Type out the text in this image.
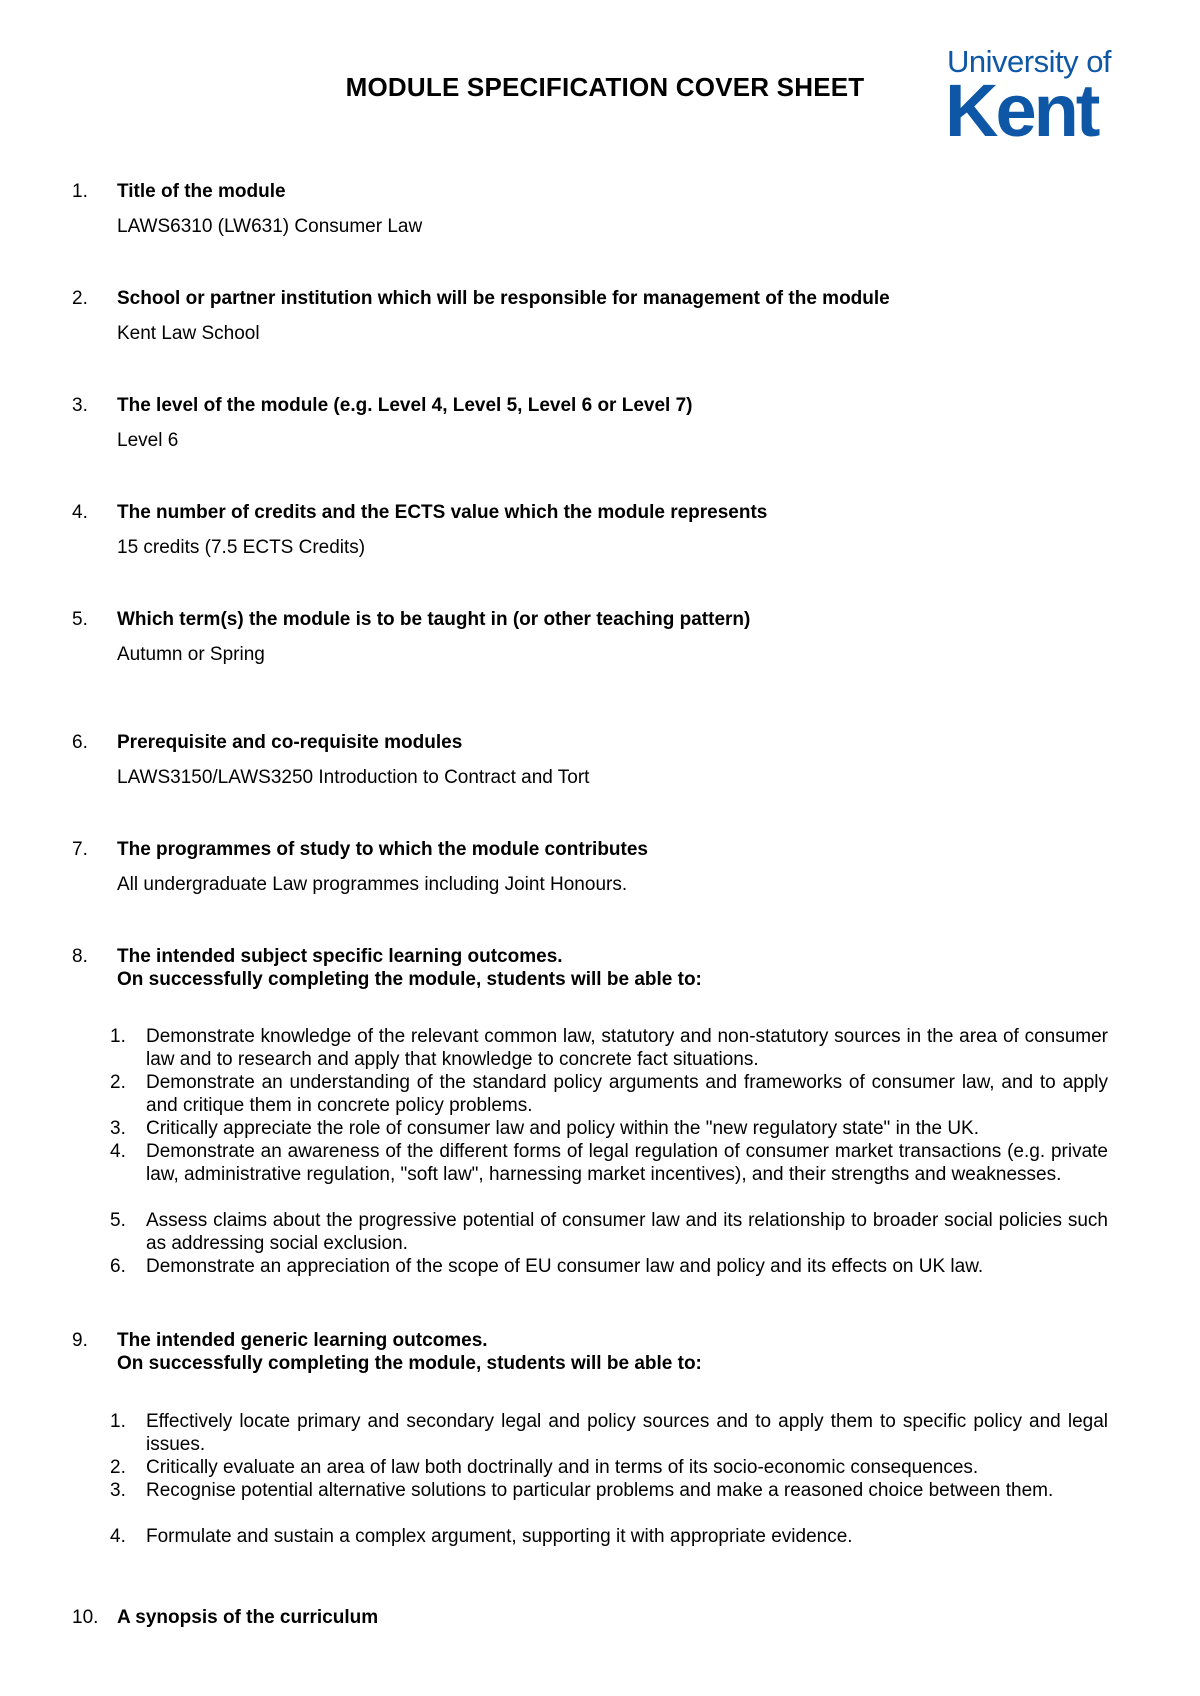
MODULE SPECIFICATION COVER SHEET
University of
Kent
1.	Title of the module
LAWS6310 (LW631) Consumer Law
2.	School or partner institution which will be responsible for management of the module
Kent Law School
3.	The level of the module (e.g. Level 4, Level 5, Level 6 or Level 7)
Level 6
4.	The number of credits and the ECTS value which the module represents
15 credits (7.5 ECTS Credits)
5.	Which term(s) the module is to be taught in (or other teaching pattern)
Autumn or Spring
6.	Prerequisite and co-requisite modules
LAWS3150/LAWS3250 Introduction to Contract and Tort
7.	The programmes of study to which the module contributes
All undergraduate Law programmes including Joint Honours.
8.	The intended subject specific learning outcomes.
On successfully completing the module, students will be able to:
1.	Demonstrate knowledge of the relevant common law, statutory and non-statutory sources in the area of consumer law and to research and apply that knowledge to concrete fact situations.
2.	Demonstrate an understanding of the standard policy arguments and frameworks of consumer law, and to apply and critique them in concrete policy problems.
3.	Critically appreciate the role of consumer law and policy within the "new regulatory state" in the UK.
4.	Demonstrate an awareness of the different forms of legal regulation of consumer market transactions (e.g. private law, administrative regulation, "soft law", harnessing market incentives), and their strengths and weaknesses.
5.	Assess claims about the progressive potential of consumer law and its relationship to broader social policies such as addressing social exclusion.
6.	Demonstrate an appreciation of the scope of EU consumer law and policy and its effects on UK law.
9.	The intended generic learning outcomes.
On successfully completing the module, students will be able to:
1.	Effectively locate primary and secondary legal and policy sources and to apply them to specific policy and legal issues.
2.	Critically evaluate an area of law both doctrinally and in terms of its socio-economic consequences.
3.	Recognise potential alternative solutions to particular problems and make a reasoned choice between them.
4.	Formulate and sustain a complex argument, supporting it with appropriate evidence.
10. A synopsis of the curriculum
